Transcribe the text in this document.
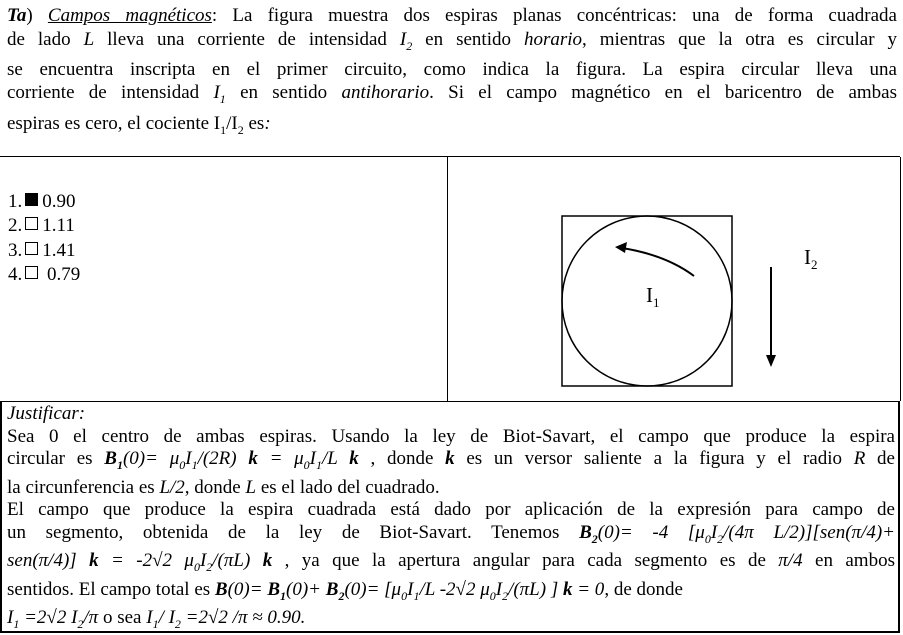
Ta) Campos magnéticos: La figura muestra dos espiras planas concéntricas: una de forma cuadrada
de lado L lleva una corriente de intensidad $I_2$ en sentido horario, mientras que la otra es circular y
se encuentra inscripta en el primer circuito, como indica la figura. La espira circular lleva una
corriente de intensidad $I_1$ en sentido antihorario. Si el campo magnético en el baricentro de ambas
espiras es cero, el cociente $I_1/I_2$ es:
1. 0.90
2. 1.11
3. 1.41
4. 0.79
$I_1$
$I_2$
Justificar:
Sea 0 el centro de ambas espiras. Usando la ley de Biot-Savart, el campo que produce la espira
circular es $B_1(0)= \mu_0I_1/(2R) k = \mu_0I_1/L$ k , donde k es un versor saliente a la figura y el radio R de
la circunferencia es L/2, donde L es el lado del cuadrado.
El campo que produce la espira cuadrada está dado por aplicación de la expresión para campo de
un segmento, obtenida de la ley de Biot-Savart. Tenemos $B_2(0)= -4$ [$\mu_0I_2/(4\pi$ L/2)][sen(π/4)+
sen(π/4)] k = -2√2 $\mu_0I_2/(\pi L)$ k , ya que la apertura angular para cada segmento es de π/4 en ambos
sentidos. El campo total es $B(0)= B_1(0)+ B_2(0)= [\mu_0I_1/L$ -2√2 $\mu_0I_2/(\pi L)$ ] k = 0, de donde
$I_1 =2√2$ $I_2/\pi$ o sea $I_1/$ $I_2 =2√2$ /π ≈ 0.90.
